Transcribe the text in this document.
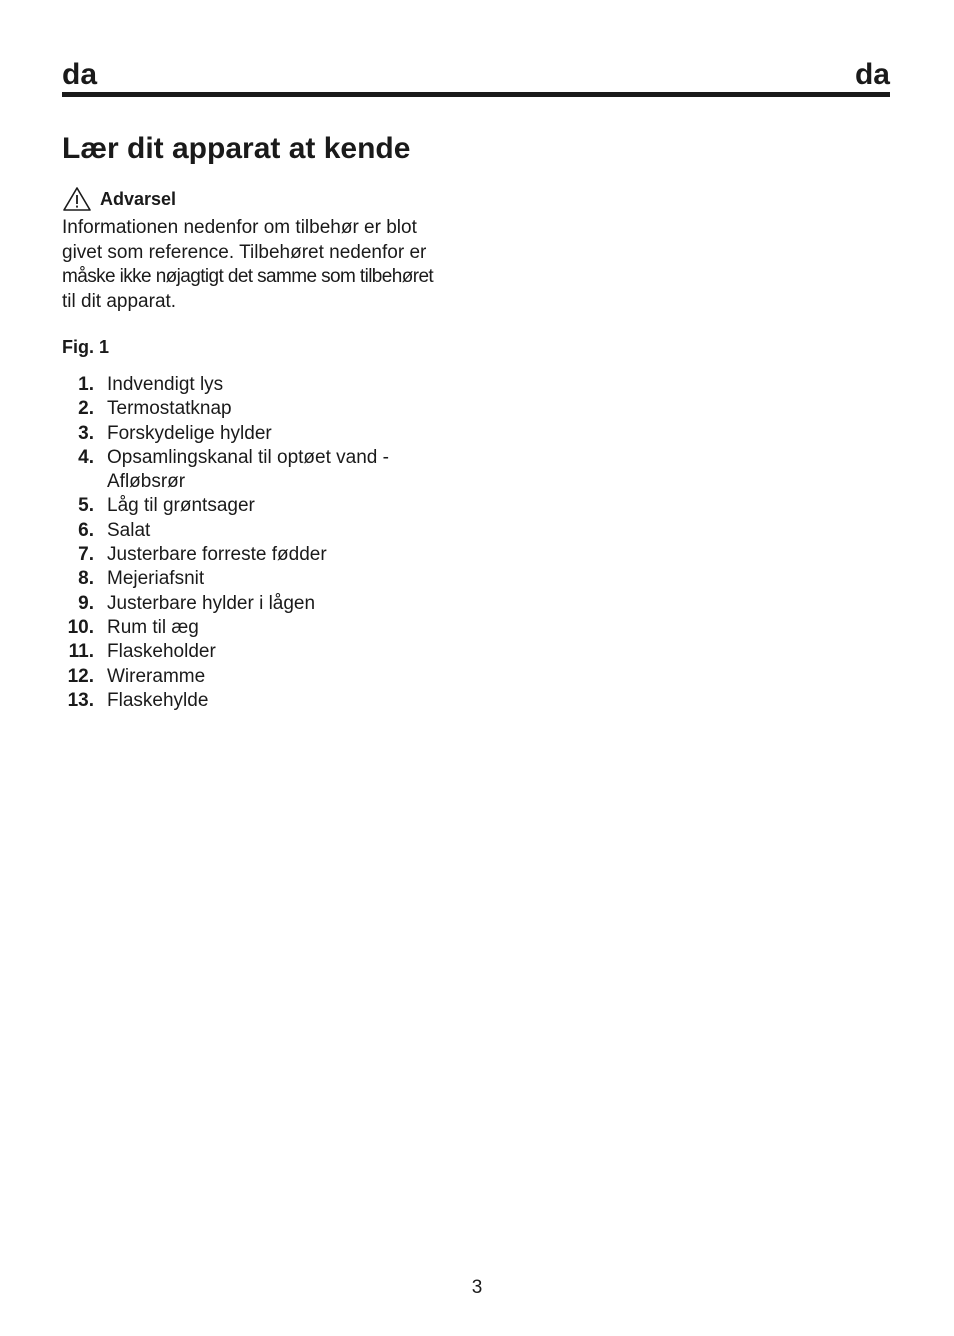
da	da
Lær dit apparat at kende
Advarsel

Informationen nedenfor om tilbehør er blot
givet som reference. Tilbehøret nedenfor er
måske ikke nøjagtigt det samme som tilbehøret
til dit apparat.

Fig. 1
1. Indvendigt lys
2. Termostatknap
3. Forskydelige hylder
4. Opsamlingskanal til optøet vand -
Afløbsrør
5. Låg til grøntsager
6. Salat
7. Justerbare forreste fødder
8. Mejeriafsnit
9. Justerbare hylder i lågen
10. Rum til æg
11. Flaskeholder
12. Wireramme
13. Flaskehylde
3
